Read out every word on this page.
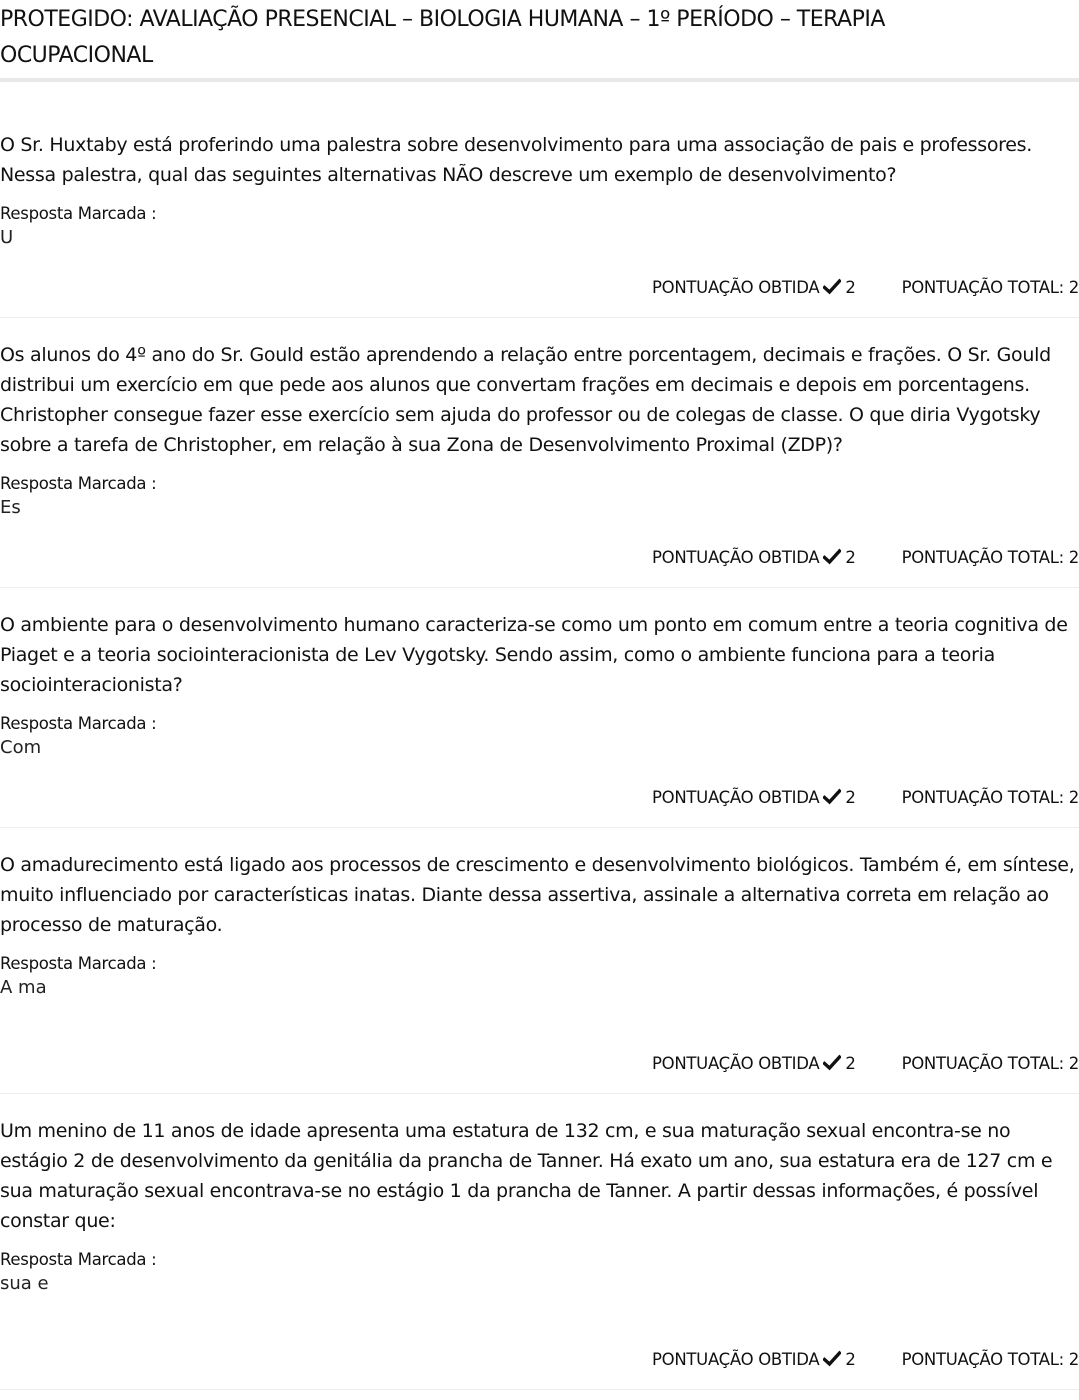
PROTEGIDO: AVALIAÇÃO PRESENCIAL – BIOLOGIA HUMANA – 1º PERÍODO – TERAPIA OCUPACIONAL

O Sr. Huxtaby está proferindo uma palestra sobre desenvolvimento para uma associação de pais e professores. Nessa palestra, qual das seguintes alternativas NÃO descreve um exemplo de desenvolvimento?

Resposta Marcada :
U
PONTUAÇÃO OBTIDA 2	PONTUAÇÃO TOTAL: 2

Os alunos do 4º ano do Sr. Gould estão aprendendo a relação entre porcentagem, decimais e frações. O Sr. Gould distribui um exercício em que pede aos alunos que convertam frações em decimais e depois em porcentagens. Christopher consegue fazer esse exercício sem ajuda do professor ou de colegas de classe. O que diria Vygotsky sobre a tarefa de Christopher, em relação à sua Zona de Desenvolvimento Proximal (ZDP)?

Resposta Marcada :
Es
PONTUAÇÃO OBTIDA 2	PONTUAÇÃO TOTAL: 2

O ambiente para o desenvolvimento humano caracteriza-se como um ponto em comum entre a teoria cognitiva de Piaget e a teoria sociointeracionista de Lev Vygotsky. Sendo assim, como o ambiente funciona para a teoria sociointeracionista?

Resposta Marcada :
Com
PONTUAÇÃO OBTIDA 2	PONTUAÇÃO TOTAL: 2

O amadurecimento está ligado aos processos de crescimento e desenvolvimento biológicos. Também é, em síntese, muito influenciado por características inatas. Diante dessa assertiva, assinale a alternativa correta em relação ao processo de maturação.

Resposta Marcada :
A ma
PONTUAÇÃO OBTIDA 2	PONTUAÇÃO TOTAL: 2

Um menino de 11 anos de idade apresenta uma estatura de 132 cm, e sua maturação sexual encontra-se no estágio 2 de desenvolvimento da genitália da prancha de Tanner. Há exato um ano, sua estatura era de 127 cm e sua maturação sexual encontrava-se no estágio 1 da prancha de Tanner. A partir dessas informações, é possível constar que:

Resposta Marcada :
sua e
PONTUAÇÃO OBTIDA 2	PONTUAÇÃO TOTAL: 2
